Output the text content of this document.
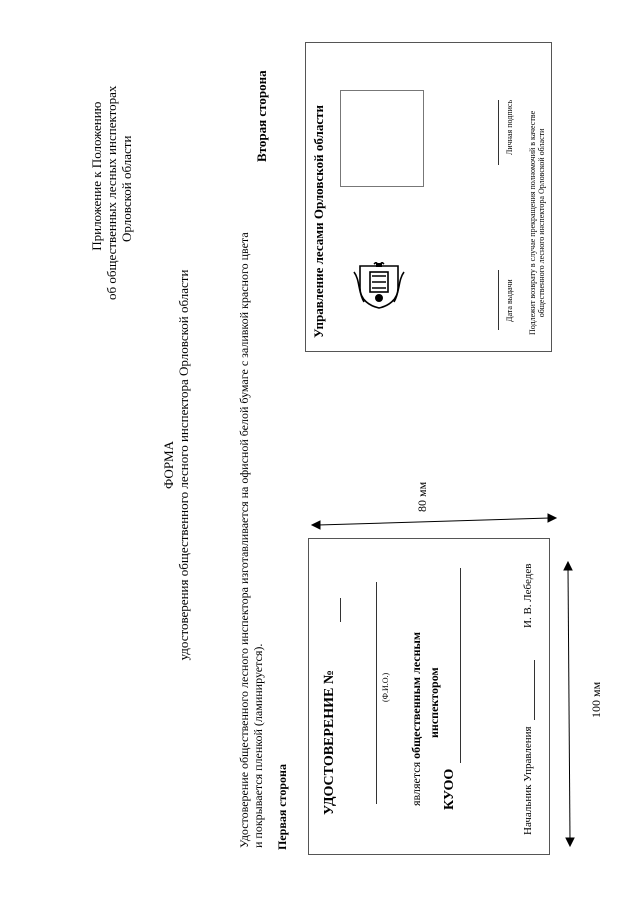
Приложение к Положению об общественных лесных инспекторах Орловской области
ФОРМА удостоверения общественного лесного инспектора Орловской области	Удостоверение общественного лесного инспектора изготавливается на офисной белой бумаге с заливкой красного цвета и покрывается пленкой (ламинируется). Первая сторона
Вторая сторона
УДОСТОВЕРЕНИЕ №	(Ф.И.О.)
является общественным лесным инспектором
КУОО	Начальник Управления
И. В. Лебедев
80 мм
100 мм
Управление лесами Орловской области	Дата выдачи
Личная подпись Подлежит возврату в случае прекращения полномочий в качестве общественного лесного инспектора Орловской области
